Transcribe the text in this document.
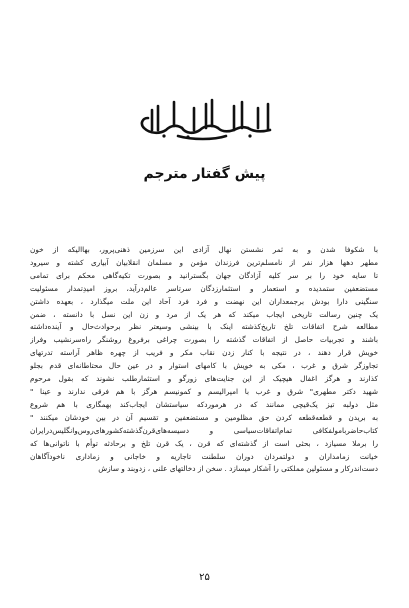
پیش گفتار مترجم
با شکوفا شدن و به ثمر نشستن نهال آزادی این سرزمین ذهنی‌پرور، بهاالیکه از خون
مطهر دهها هزار نفر از نامسلم‌ترین فرزندان مؤمن و مسلمان انقلابیان آبیاری کشته و سیرود
تا سایه خود را بر سر کلیه آزادگان جهان بگسترانید و بصورت تکیه‌گاهی محکم برای تمامی
مستضعفین ستمدیده و استعمار و استثمارزدگان سرتاسر عالم‌درآید، بروز امیدِ‌تمدار مسئولیت
سنگینی دارا بودش برجمعداران این نهضت و فرد فرد آحاد این ملت میگذارد ، بعهده داشتن
یک چنین رسالت تاریخی ایجاب میکند که هر یک از مرد و زن این نسل با دانسته ، ضمن
مطالعه شرح اتفاقات تلخ تاریخ‌کذشته اینک با بینشی وسیعتر نظر برحوادث‌حال و آینده‌داشته
باشند و تجربیات حاصل از اتفاقات گذشته را بصورت چراغی برفروغ روشنگر راه‌سرنشیب وفراز
خویش قرار دهند ، در نتیجه با کنار زدن نقاب مکر و فریب از چهره ظاهر آراسته تدرتهای
تجاوزگر شرق و غرب ، مکی به خویش با کامهای استوار و در عین حال محتاطانه‌ای قدم بجلو
کذارند و هرگز اغفال هیچیک از این جنایت‌های زورگو و استثمارطلب نشوند که بقول مرحوم
شهید دکتر مطهری" شرق و غرب با امپرالیسم و کمونیسم هرگز با هم فرقی ندارند و عینا "
مثل دولبه تیز یک‌قیچی ممانند که در هرموردکه سیاستشان ایجاب‌کند بهمگاری با هم شروع
به بریدن و قطعه‌قطعه کردن حق مظلومین و مستضعفین و تقسیم آن در بین خودشان میکنند "
کتاب‌حاضربامولفکافی تمام‌اتفاقات‌سیاسی و دسیسه‌های‌قرن‌گذشته‌کشورهای‌روس‌وانگلیس‌درایران
را برملا مسیازد ، بحثی است از گذشته‌ای که قرن ، یک قرن تلخ و برحادثه توأم با ناتوانی‌ها که
خیانت زمامداران و دولتمردان دوران سلطنت تاجاریه و خاجانی و زماداری ناخودآگاهان
دست‌اندرکار و مسئولین مملکتی را آشکار میسازد . سخن از دخالتهای علنی ، زدوبند و سازش
۲۵
